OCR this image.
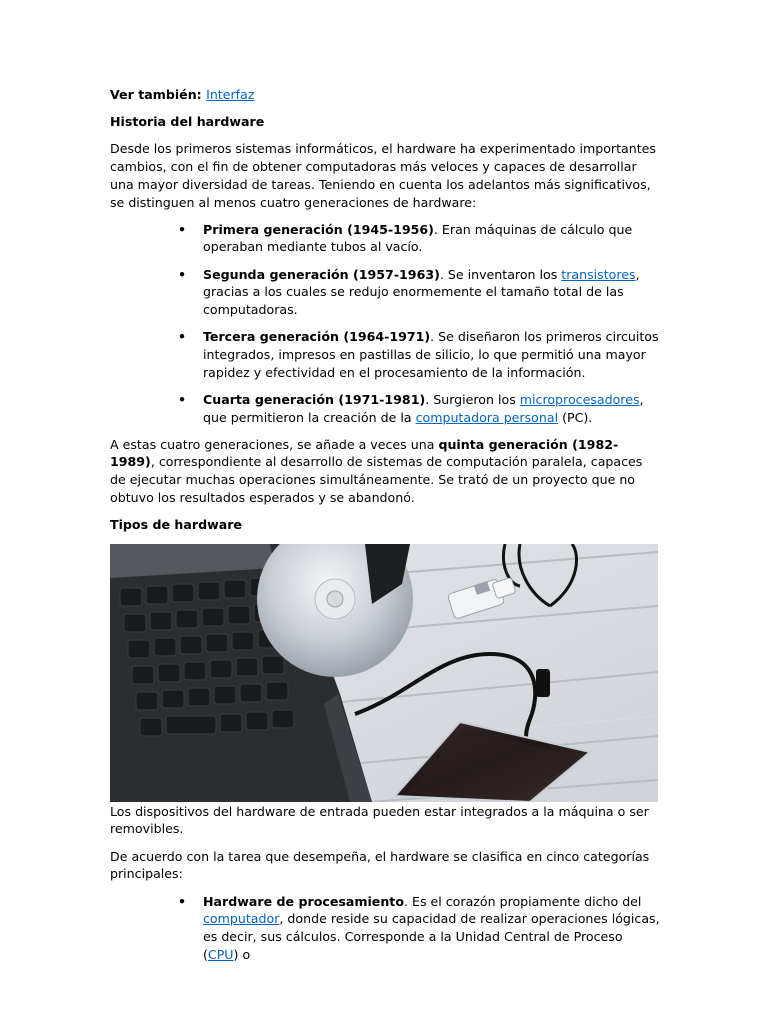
Ver también: Interfaz

Historia del hardware

Desde los primeros sistemas informáticos, el hardware ha experimentado importantes cambios, con el fin de obtener computadoras más veloces y capaces de desarrollar una mayor diversidad de tareas. Teniendo en cuenta los adelantos más significativos, se distinguen al menos cuatro generaciones de hardware:

• Primera generación (1945-1956). Eran máquinas de cálculo que operaban mediante tubos al vacío.
• Segunda generación (1957-1963). Se inventaron los transistores, gracias a los cuales se redujo enormemente el tamaño total de las computadoras.
• Tercera generación (1964-1971). Se diseñaron los primeros circuitos integrados, impresos en pastillas de silicio, lo que permitió una mayor rapidez y efectividad en el procesamiento de la información.
• Cuarta generación (1971-1981). Surgieron los microprocesadores, que permitieron la creación de la computadora personal (PC).

A estas cuatro generaciones, se añade a veces una quinta generación (1982-1989), correspondiente al desarrollo de sistemas de computación paralela, capaces de ejecutar muchas operaciones simultáneamente. Se trató de un proyecto que no obtuvo los resultados esperados y se abandonó.

Tipos de hardware

Los dispositivos del hardware de entrada pueden estar integrados a la máquina o ser removibles.

De acuerdo con la tarea que desempeña, el hardware se clasifica en cinco categorías principales:

• Hardware de procesamiento. Es el corazón propiamente dicho del computador, donde reside su capacidad de realizar operaciones lógicas, es decir, sus cálculos. Corresponde a la Unidad Central de Proceso (CPU) o
